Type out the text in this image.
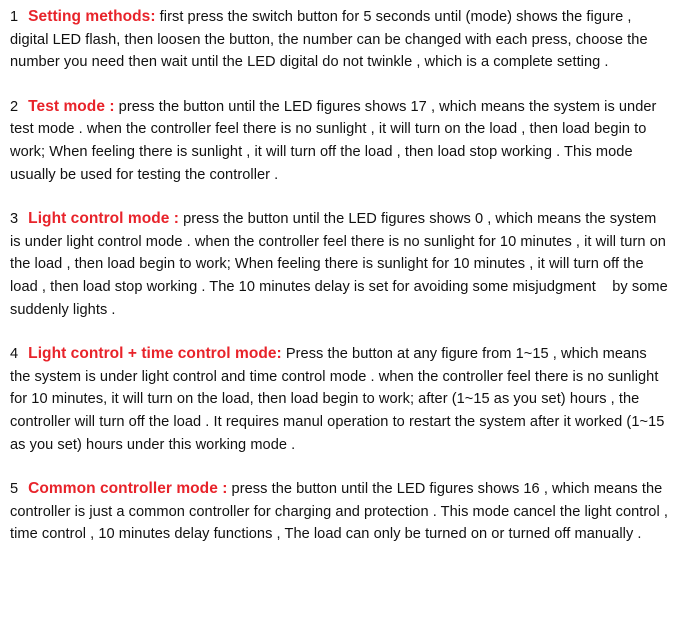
1 Setting methods: first press the switch button for 5 seconds until (mode) shows the figure , digital LED flash, then loosen the button, the number can be changed with each press, choose the number you need then wait until the LED digital do not twinkle , which is a complete setting .

2 Test mode : press the button until the LED figures shows 17 , which means the system is under test mode . when the controller feel there is no sunlight , it will turn on the load , then load begin to work; When feeling there is sunlight , it will turn off the load , then load stop working . This mode usually be used for testing the controller .

3 Light control mode : press the button until the LED figures shows 0 , which means the system is under light control mode . when the controller feel there is no sunlight for 10 minutes , it will turn on the load , then load begin to work; When feeling there is sunlight for 10 minutes , it will turn off the load , then load stop working . The 10 minutes delay is set for avoiding some misjudgment    by some suddenly lights .

4 Light control + time control mode: Press the button at any figure from 1~15 , which means the system is under light control and time control mode . when the controller feel there is no sunlight for 10 minutes, it will turn on the load, then load begin to work; after (1~15 as you set) hours , the controller will turn off the load . It requires manul operation to restart the system after it worked (1~15 as you set) hours under this working mode .

5 Common controller mode : press the button until the LED figures shows 16 , which means the controller is just a common controller for charging and protection . This mode cancel the light control , time control , 10 minutes delay functions , The load can only be turned on or turned off manually .
